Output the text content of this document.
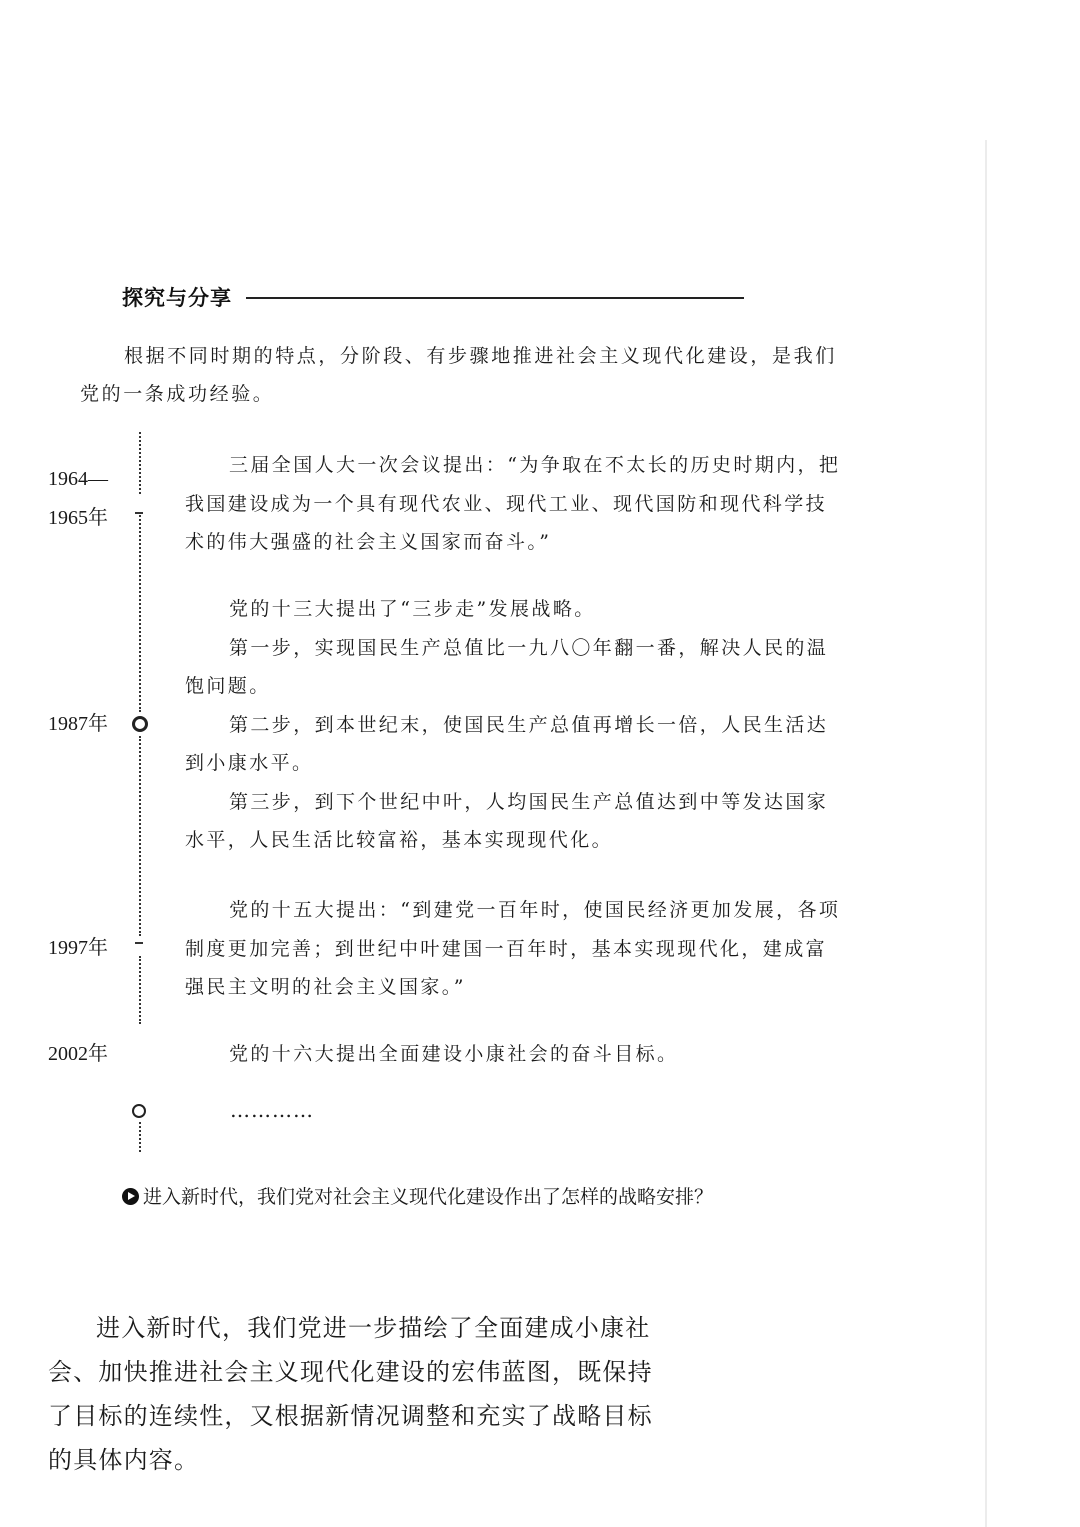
探究与分享

根据不同时期的特点，分阶段、有步骤地推进社会主义现代化建设，是我们党的一条成功经验。

1964—
1965年
1987年
1997年
2002年

三届全国人大一次会议提出：“为争取在不太长的历史时期内，把我国建设成为一个具有现代农业、现代工业、现代国防和现代科学技术的伟大强盛的社会主义国家而奋斗。”

党的十三大提出了“三步走”发展战略。

第一步，实现国民生产总值比一九八〇年翻一番，解决人民的温饱问题。

第二步，到本世纪末，使国民生产总值再增长一倍，人民生活达到小康水平。

第三步，到下个世纪中叶，人均国民生产总值达到中等发达国家水平，人民生活比较富裕，基本实现现代化。

党的十五大提出：“到建党一百年时，使国民经济更加发展，各项制度更加完善；到世纪中叶建国一百年时，基本实现现代化，建成富强民主文明的社会主义国家。”

党的十六大提出全面建设小康社会的奋斗目标。

…………
进入新时代，我们党对社会主义现代化建设作出了怎样的战略安排？

进入新时代，我们党进一步描绘了全面建成小康社会、加快推进社会主义现代化建设的宏伟蓝图，既保持了目标的连续性，又根据新情况调整和充实了战略目标的具体内容。
